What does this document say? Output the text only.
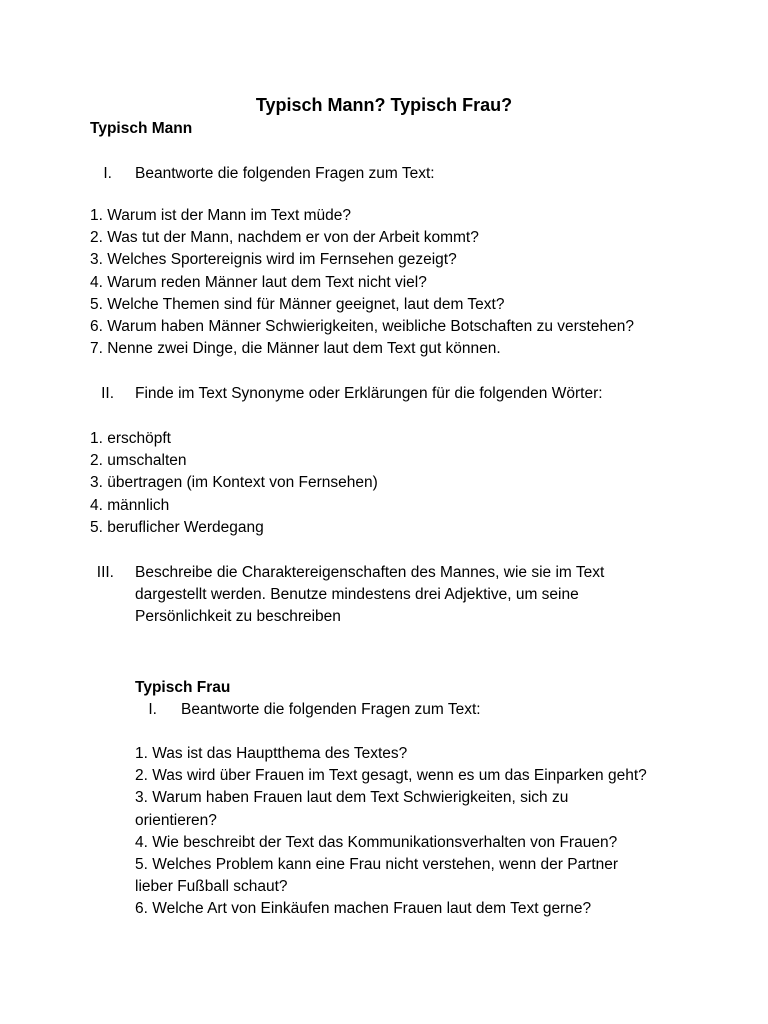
Typisch Mann? Typisch Frau?
Typisch Mann
I. Beantworte die folgenden Fragen zum Text:
1. Warum ist der Mann im Text müde?
2. Was tut der Mann, nachdem er von der Arbeit kommt?
3. Welches Sportereignis wird im Fernsehen gezeigt?
4. Warum reden Männer laut dem Text nicht viel?
5. Welche Themen sind für Männer geeignet, laut dem Text?
6. Warum haben Männer Schwierigkeiten, weibliche Botschaften zu verstehen?
7. Nenne zwei Dinge, die Männer laut dem Text gut können.
II. Finde im Text Synonyme oder Erklärungen für die folgenden Wörter:
1. erschöpft
2. umschalten
3. übertragen (im Kontext von Fernsehen)
4. männlich
5. beruflicher Werdegang
III. Beschreibe die Charaktereigenschaften des Mannes, wie sie im Text dargestellt werden. Benutze mindestens drei Adjektive, um seine Persönlichkeit zu beschreiben
Typisch Frau
I. Beantworte die folgenden Fragen zum Text:
1. Was ist das Hauptthema des Textes?
2. Was wird über Frauen im Text gesagt, wenn es um das Einparken geht?
3. Warum haben Frauen laut dem Text Schwierigkeiten, sich zu orientieren?
4. Wie beschreibt der Text das Kommunikationsverhalten von Frauen?
5. Welches Problem kann eine Frau nicht verstehen, wenn der Partner lieber Fußball schaut?
6. Welche Art von Einkäufen machen Frauen laut dem Text gerne?
